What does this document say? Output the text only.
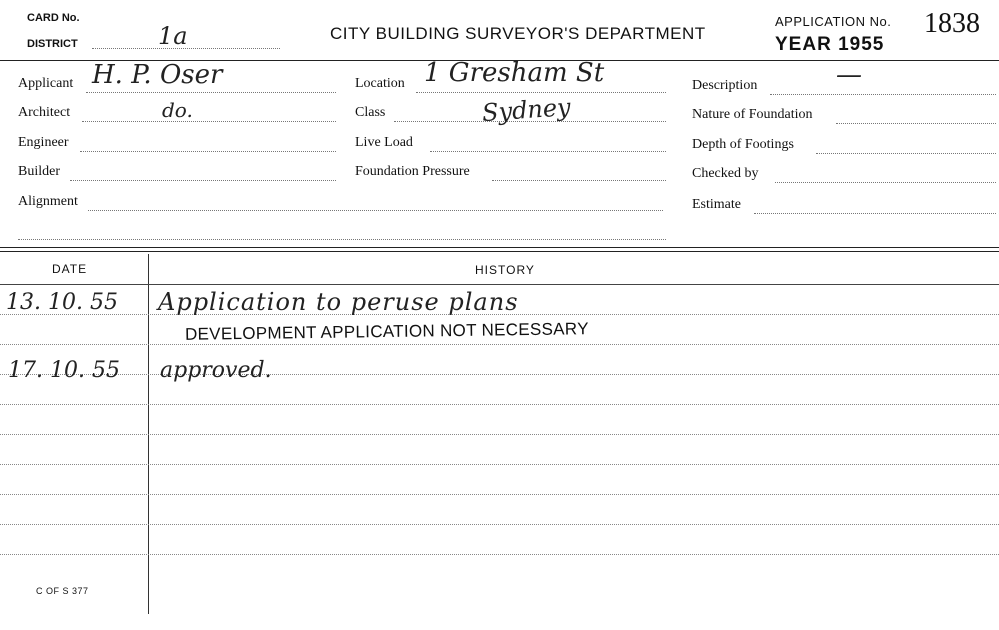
CARD No.
DISTRICT	1a	CITY BUILDING SURVEYOR'S DEPARTMENT
APPLICATION No. 1838
YEAR 1955
Applicant H. P. Oser
Architect	do.
Engineer
Builder
Alignment
Location 1 Gresham St
Class	Sydney
Live Load
Foundation Pressure
Description	—
Nature of Foundation
Depth of Footings
Checked by
Estimate
DATE	HISTORY
13. 10. 55 Application to peruse plans
DEVELOPMENT APPLICATION NOT NECESSARY
17. 10. 55 approved.
C OF S 377
